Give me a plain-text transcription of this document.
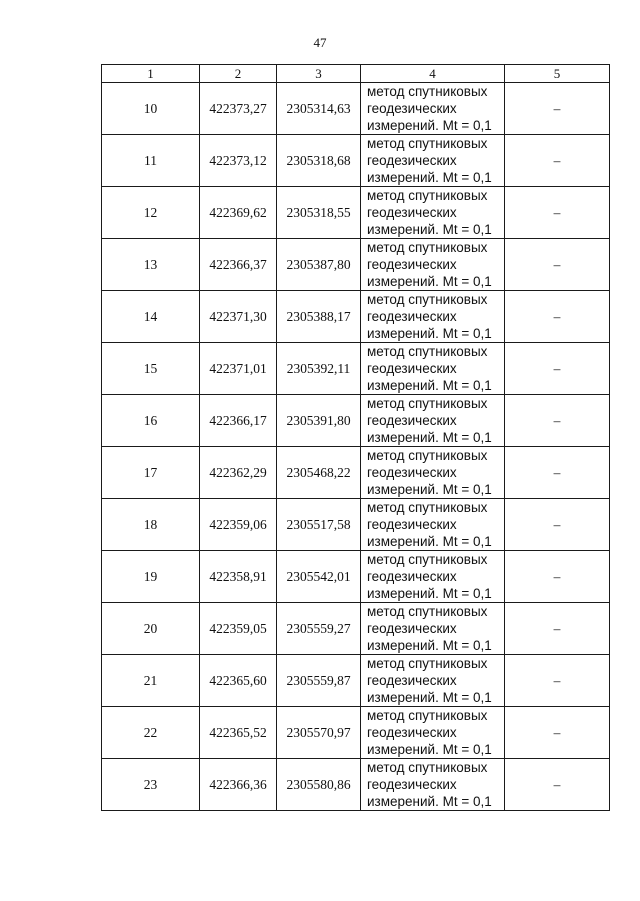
47
1	2	3	4	5
10	422373,27	2305314,63	метод спутниковых
геодезических
измерений. Mt = 0,1	–
11	422373,12	2305318,68	метод спутниковых
геодезических
измерений. Mt = 0,1	–
12	422369,62	2305318,55	метод спутниковых
геодезических
измерений. Mt = 0,1	–
13	422366,37	2305387,80	метод спутниковых
геодезических
измерений. Mt = 0,1	–
14	422371,30	2305388,17	метод спутниковых
геодезических
измерений. Mt = 0,1	–
15	422371,01	2305392,11	метод спутниковых
геодезических
измерений. Mt = 0,1	–
16	422366,17	2305391,80	метод спутниковых
геодезических
измерений. Mt = 0,1	–
17	422362,29	2305468,22	метод спутниковых
геодезических
измерений. Mt = 0,1	–
18	422359,06	2305517,58	метод спутниковых
геодезических
измерений. Mt = 0,1	–
19	422358,91	2305542,01	метод спутниковых
геодезических
измерений. Mt = 0,1	–
20	422359,05	2305559,27	метод спутниковых
геодезических
измерений. Mt = 0,1	–
21	422365,60	2305559,87	метод спутниковых
геодезических
измерений. Mt = 0,1	–
22	422365,52	2305570,97	метод спутниковых
геодезических
измерений. Mt = 0,1	–
23	422366,36	2305580,86	метод спутниковых
геодезических
измерений. Mt = 0,1	–
